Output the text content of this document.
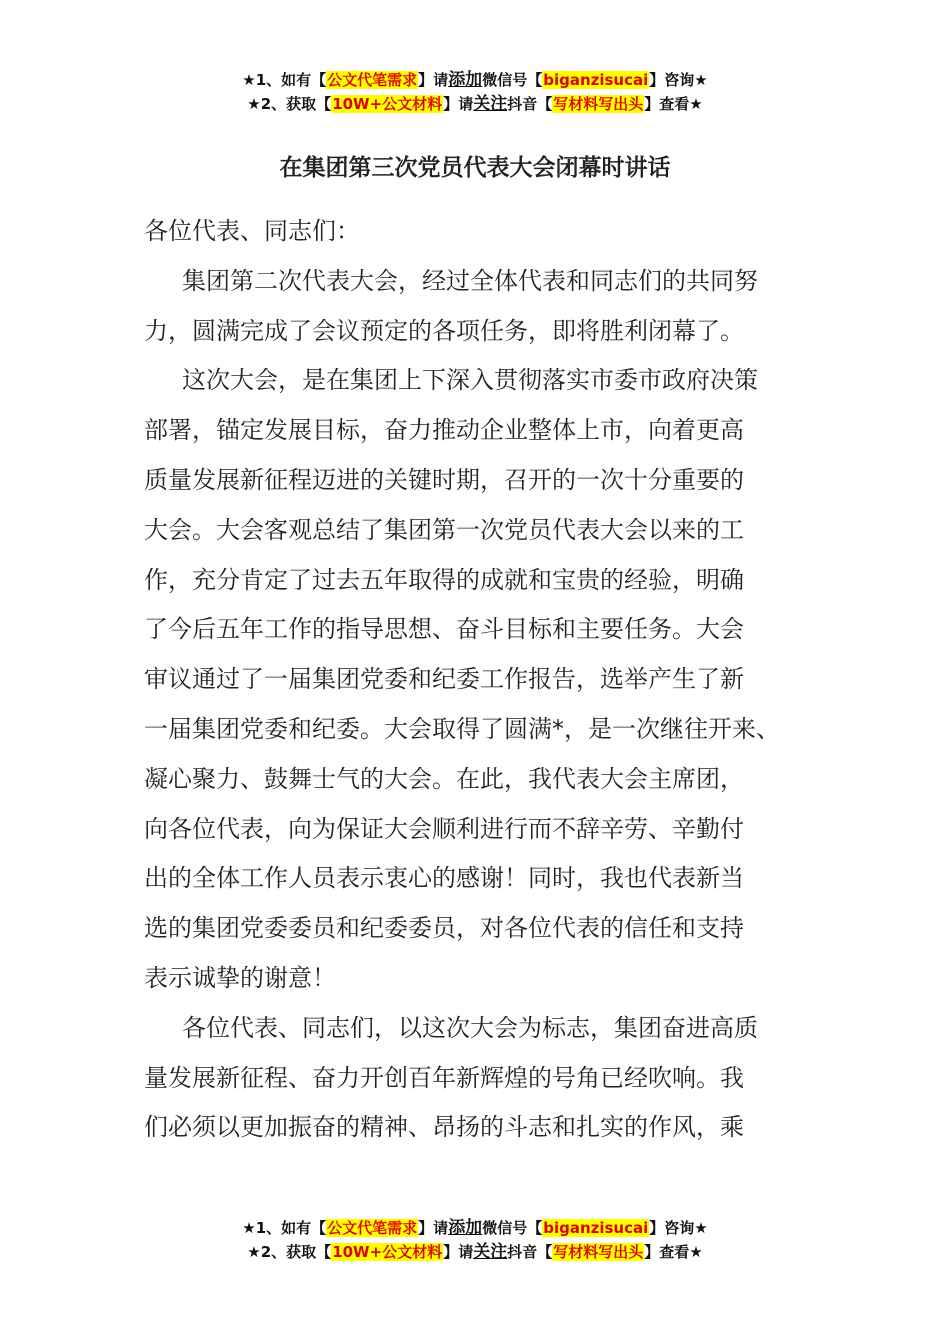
★1、如有【公文代笔需求】请添加微信号【biganzisucai】咨询★
★2、获取【10W+公文材料】请关注抖音【写材料写出头】查看★
在集团第三次党员代表大会闭幕时讲话

各位代表、同志们：

集团第二次代表大会，经过全体代表和同志们的共同努
力，圆满完成了会议预定的各项任务，即将胜利闭幕了。

这次大会，是在集团上下深入贯彻落实市委市政府决策
部署，锚定发展目标，奋力推动企业整体上市，向着更高
质量发展新征程迈进的关键时期，召开的一次十分重要的
大会。大会客观总结了集团第一次党员代表大会以来的工
作，充分肯定了过去五年取得的成就和宝贵的经验，明确
了今后五年工作的指导思想、奋斗目标和主要任务。大会
审议通过了一届集团党委和纪委工作报告，选举产生了新
一届集团党委和纪委。大会取得了圆满*，是一次继往开来、
凝心聚力、鼓舞士气的大会。在此，我代表大会主席团，
向各位代表，向为保证大会顺利进行而不辞辛劳、辛勤付
出的全体工作人员表示衷心的感谢！同时，我也代表新当
选的集团党委委员和纪委委员，对各位代表的信任和支持
表示诚挚的谢意！

各位代表、同志们，以这次大会为标志，集团奋进高质
量发展新征程、奋力开创百年新辉煌的号角已经吹响。我
们必须以更加振奋的精神、昂扬的斗志和扎实的作风，乘

★1、如有【公文代笔需求】请添加微信号【biganzisucai】咨询★
★2、获取【10W+公文材料】请关注抖音【写材料写出头】查看★
